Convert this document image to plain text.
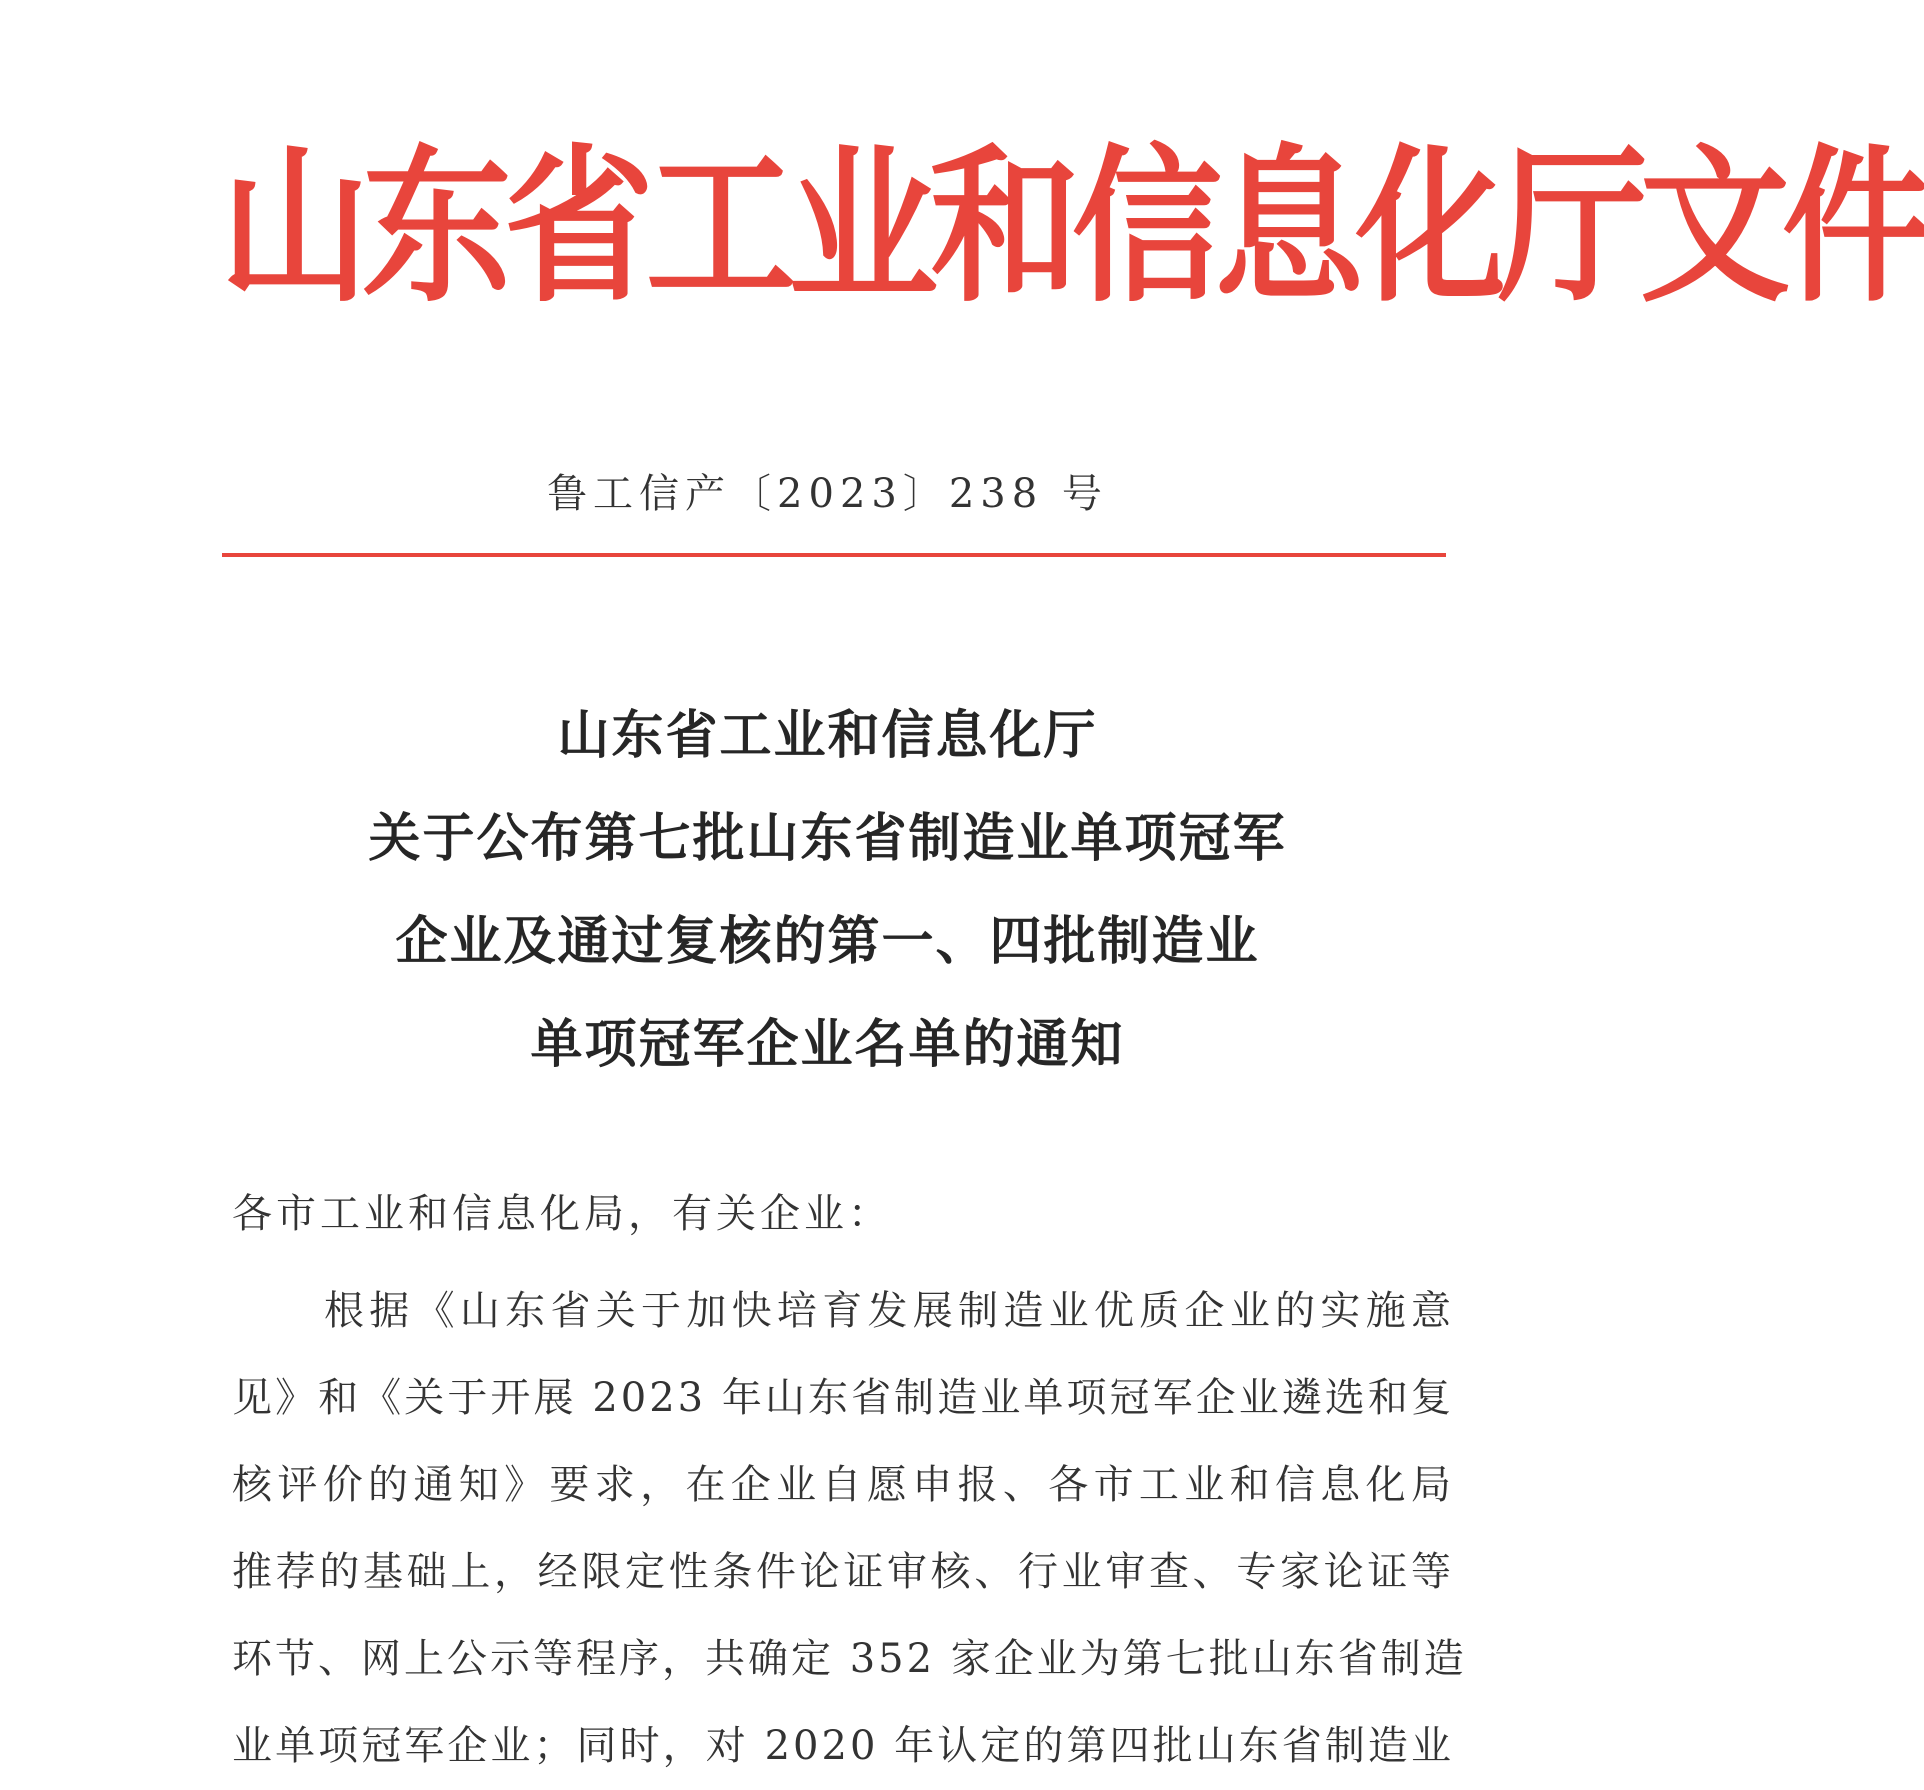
山东省工业和信息化厅文件
鲁工信产〔2023〕238 号
山东省工业和信息化厅
关于公布第七批山东省制造业单项冠军
企业及通过复核的第一、四批制造业
单项冠军企业名单的通知
各市工业和信息化局，有关企业：
根据《山东省关于加快培育发展制造业优质企业的实施意
见》和《关于开展 2023 年山东省制造业单项冠军企业遴选和复
核评价的通知》要求，在企业自愿申报、各市工业和信息化局
推荐的基础上，经限定性条件论证审核、行业审查、专家论证等
环节、网上公示等程序，共确定 352 家企业为第七批山东省制造
业单项冠军企业；同时，对 2020 年认定的第四批山东省制造业
